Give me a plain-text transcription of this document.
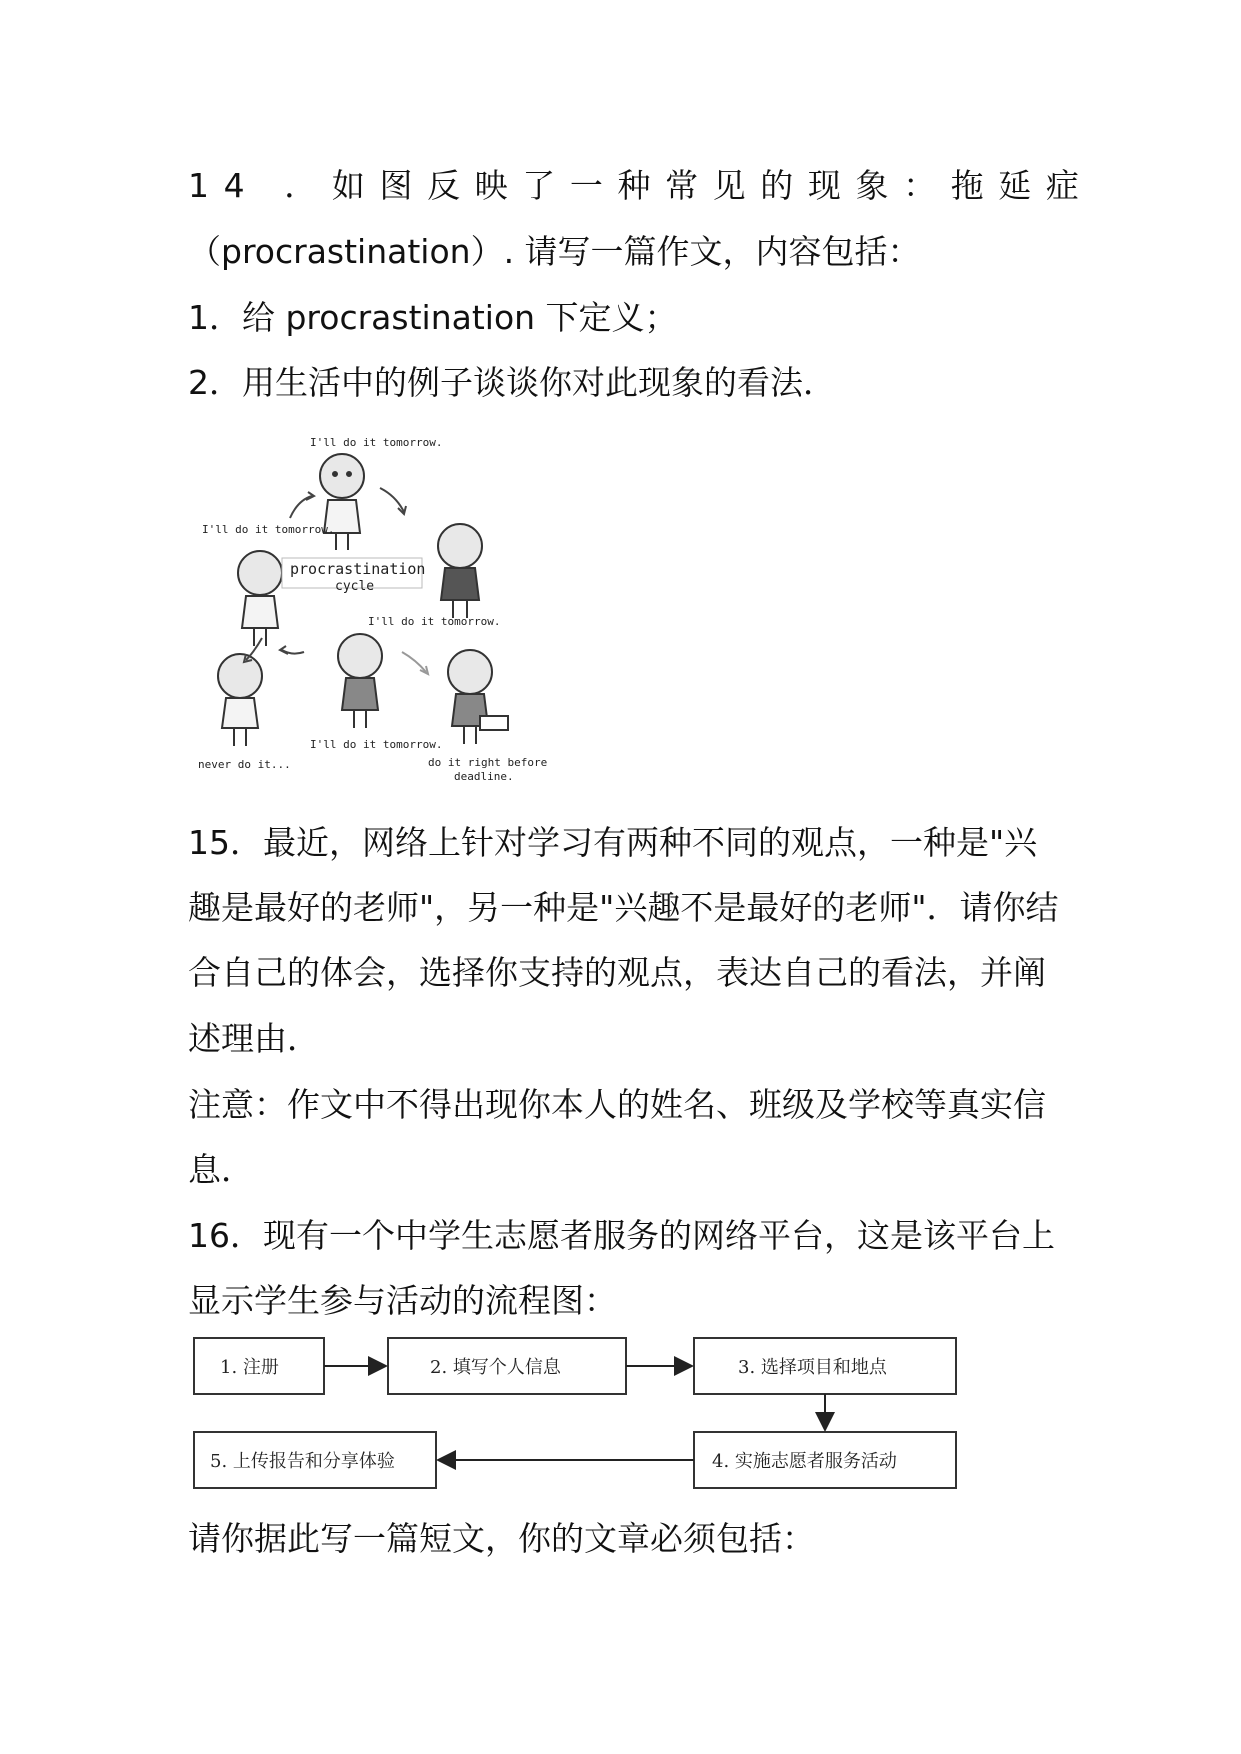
14 ．如图反映了一种常见的现象：拖延症
（procrastination）. 请写一篇作文，内容包括：
1．给 procrastination 下定义；
2．用生活中的例子谈谈你对此现象的看法．
I'll do it tomorrow.
I'll do it tomorrow.
procrastination
cycle
I'll do it tomorrow.
never do it...
I'll do it tomorrow.
do it right before
deadline.
15．最近，网络上针对学习有两种不同的观点，一种是"兴
趣是最好的老师"，另一种是"兴趣不是最好的老师"．请你结
合自己的体会，选择你支持的观点，表达自己的看法，并阐
述理由．
注意：作文中不得出现你本人的姓名、班级及学校等真实信
息．
16．现有一个中学生志愿者服务的网络平台，这是该平台上
显示学生参与活动的流程图：
1. 注册	2. 填写个人信息	3. 选择项目和地点
4. 实施志愿者服务活动
5. 上传报告和分享体验
请你据此写一篇短文，你的文章必须包括：
